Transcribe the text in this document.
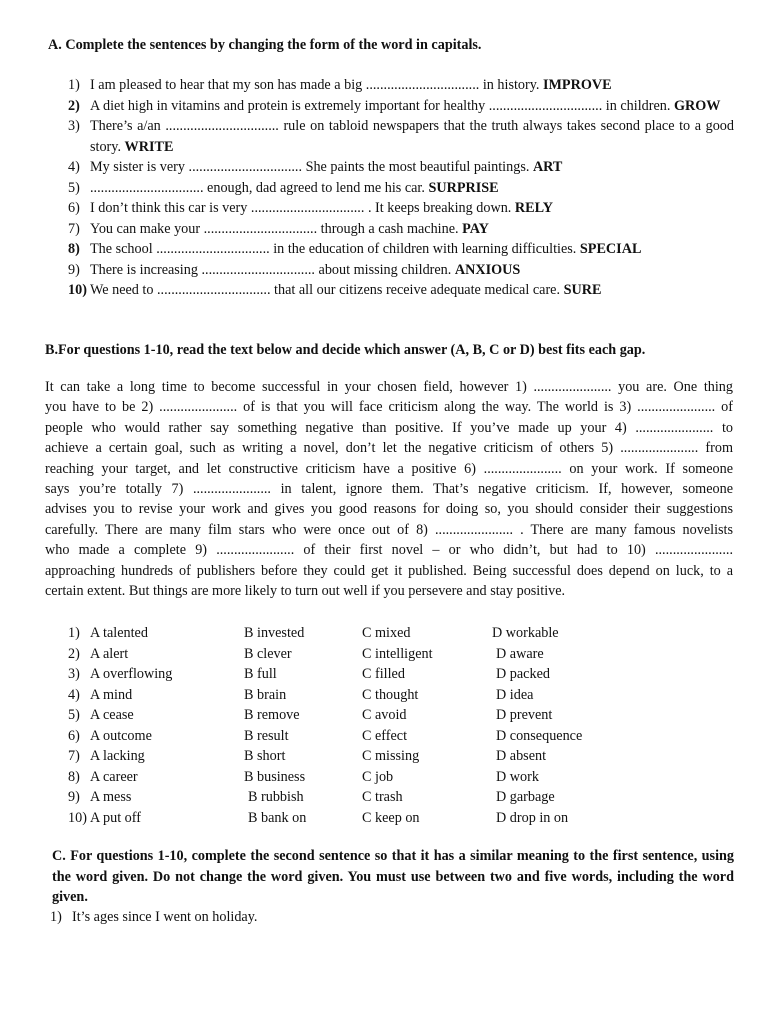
A. Complete the sentences by changing the form of the word in capitals.
1) I am pleased to hear that my son has made a big ................................ in history. IMPROVE
2) A diet high in vitamins and protein is extremely important for healthy ................................ in children. GROW
3) There’s a/an ................................ rule on tabloid newspapers that the truth always takes second place to a good story. WRITE
4) My sister is very ................................ She paints the most beautiful paintings. ART
5) ................................ enough, dad agreed to lend me his car. SURPRISE
6) I don’t think this car is very ................................ . It keeps breaking down. RELY
7) You can make your ................................ through a cash machine. PAY
8) The school ................................ in the education of children with learning difficulties. SPECIAL
9) There is increasing ................................ about missing children. ANXIOUS
10) We need to ................................ that all our citizens receive adequate medical care. SURE
B.For questions 1-10, read the text below and decide which answer (A, B, C or D) best fits each gap.
It can take a long time to become successful in your chosen field, however 1) ...................... you are. One thing
you have to be 2) ...................... of is that you will face criticism along the way. The world is 3) ...................... of
people who would rather say something negative than positive. If you’ve made up your 4) ...................... to
achieve a certain goal, such as writing a novel, don’t let the negative criticism of others 5) ...................... from
reaching your target, and let constructive criticism have a positive 6) ...................... on your work. If someone
says you’re totally 7) ...................... in talent, ignore them. That’s negative criticism. If, however, someone
advises you to revise your work and gives you good reasons for doing so, you should consider their suggestions
carefully. There are many film stars who were once out of 8) ...................... . There are many famous novelists
who made a complete 9) ...................... of their first novel – or who didn’t, but had to 10) ......................
approaching hundreds of publishers before they could get it published. Being successful does depend on luck, to a
certain extent. But things are more likely to turn out well if you persevere and stay positive.
1) A talented	B invested	C mixed	D workable
2) A alert	B clever	C intelligent	D aware
3) A overflowing	B full	C filled	D packed
4) A mind	B brain	C thought	D idea
5) A cease	B remove	C avoid	D prevent
6) A outcome	B result	C effect	D consequence
7) A lacking	B short	C missing	D absent
8) A career	B business	C job	D work
9) A mess	B rubbish	C trash	D garbage
10) A put off	B bank on	C keep on	D drop in on
C. For questions 1-10, complete the second sentence so that it has a similar meaning to the first sentence, using the word given. Do not change the word given. You must use between two and five words, including the word given.
1) It’s ages since I went on holiday.
